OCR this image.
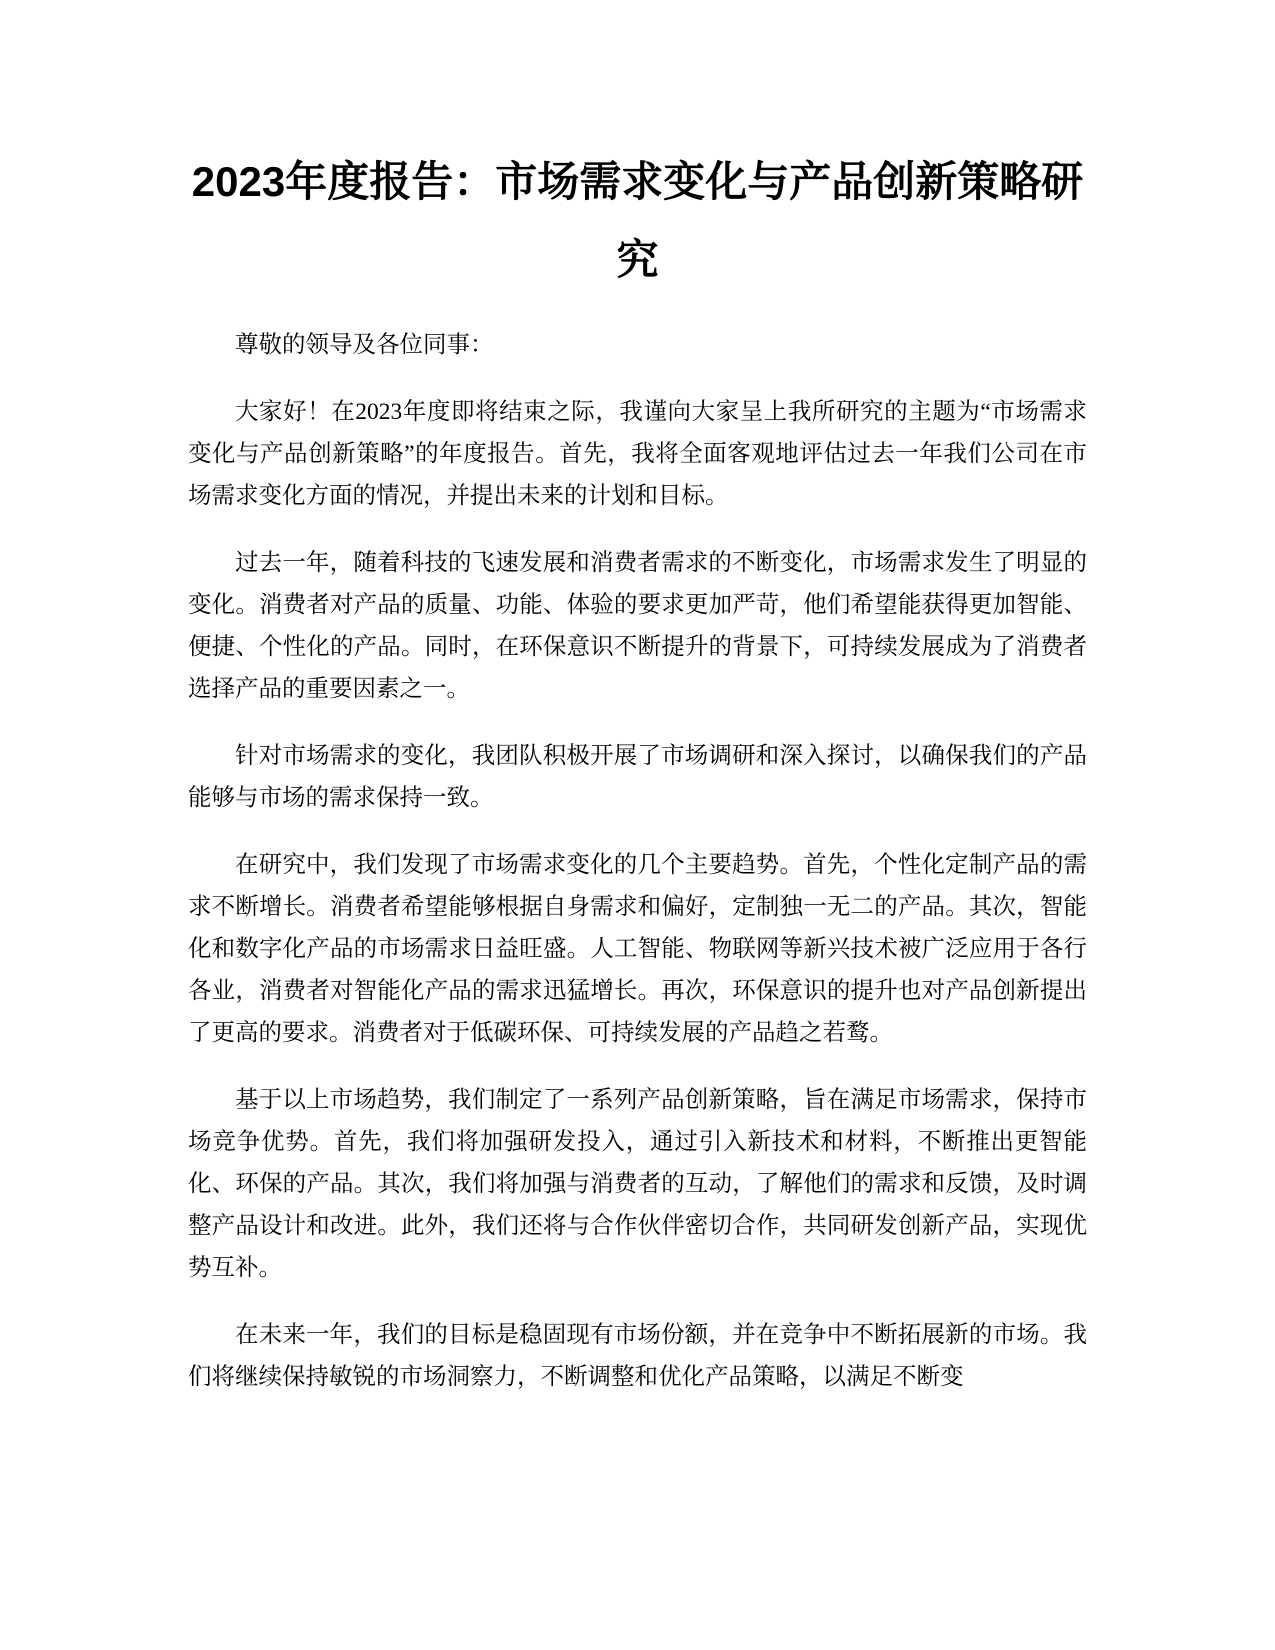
2023年度报告：市场需求变化与产品创新策略研究

尊敬的领导及各位同事：

大家好！在2023年度即将结束之际，我谨向大家呈上我所研究的主题为“市场需求变化与产品创新策略”的年度报告。首先，我将全面客观地评估过去一年我们公司在市场需求变化方面的情况，并提出未来的计划和目标。

过去一年，随着科技的飞速发展和消费者需求的不断变化，市场需求发生了明显的变化。消费者对产品的质量、功能、体验的要求更加严苛，他们希望能获得更加智能、便捷、个性化的产品。同时，在环保意识不断提升的背景下，可持续发展成为了消费者选择产品的重要因素之一。

针对市场需求的变化，我团队积极开展了市场调研和深入探讨，以确保我们的产品能够与市场的需求保持一致。

在研究中，我们发现了市场需求变化的几个主要趋势。首先，个性化定制产品的需求不断增长。消费者希望能够根据自身需求和偏好，定制独一无二的产品。其次，智能化和数字化产品的市场需求日益旺盛。人工智能、物联网等新兴技术被广泛应用于各行各业，消费者对智能化产品的需求迅猛增长。再次，环保意识的提升也对产品创新提出了更高的要求。消费者对于低碳环保、可持续发展的产品趋之若鹜。

基于以上市场趋势，我们制定了一系列产品创新策略，旨在满足市场需求，保持市场竞争优势。首先，我们将加强研发投入，通过引入新技术和材料，不断推出更智能化、环保的产品。其次，我们将加强与消费者的互动，了解他们的需求和反馈，及时调整产品设计和改进。此外，我们还将与合作伙伴密切合作，共同研发创新产品，实现优势互补。

在未来一年，我们的目标是稳固现有市场份额，并在竞争中不断拓展新的市场。我们将继续保持敏锐的市场洞察力，不断调整和优化产品策略，以满足不断变
